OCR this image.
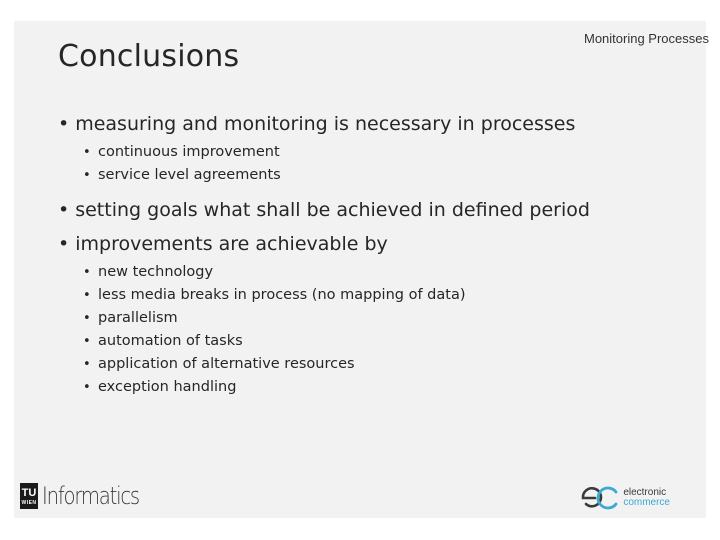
Conclusions
Monitoring Processes
• measuring and monitoring is necessary in processes
• continuous improvement
• service level agreements
• setting goals what shall be achieved in defined period
• improvements are achievable by
• new technology
• less media breaks in process (no mapping of data)
• parallelism
• automation of tasks
• application of alternative resources
• exception handling
TU
WIEN Informatics	electronic
commerce
